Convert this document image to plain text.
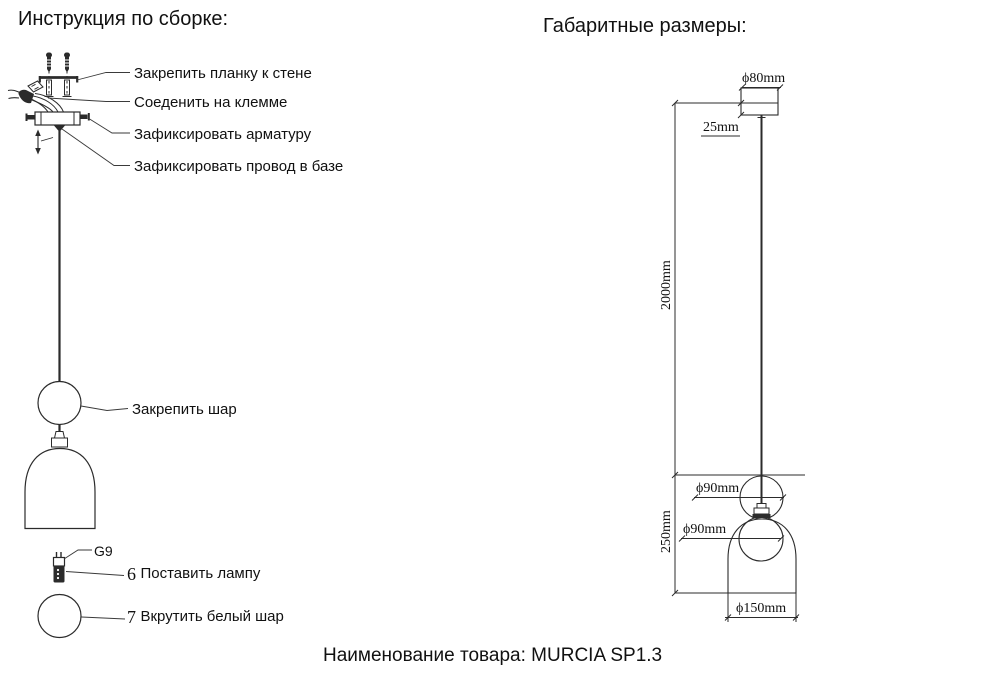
Инструкция по сборке:	Габаритные размеры:
Закрепить планку к стене
Соеденить на клемме
Зафиксировать арматуру
Зафиксировать провод в базе
Закрепить шар
G9
6 Поставить лампу
7 Вкрутить белый шар
ϕ80mm
25mm
2000mm
250mm
ϕ90mm
ϕ90mm
ϕ150mm
Наименование товара: MURCIA SP1.3
